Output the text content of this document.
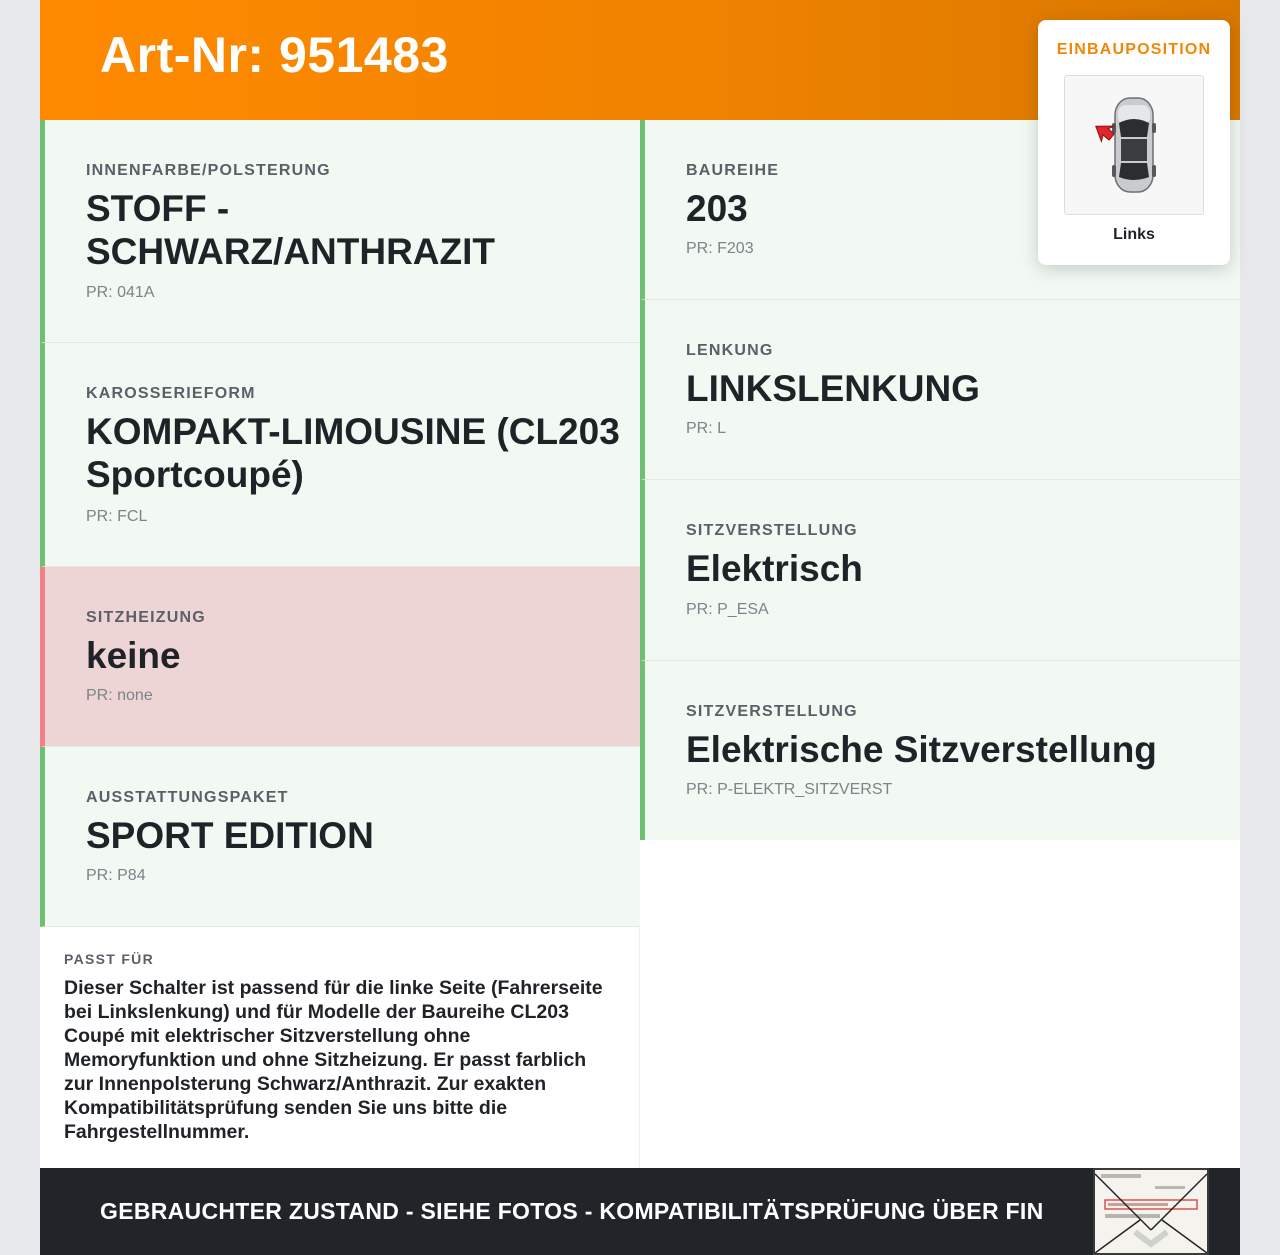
Art-Nr: 951483
INNENFARBE/POLSTERUNG
STOFF - SCHWARZ/ANTHRAZIT
PR: 041A
KAROSSERIEFORM
KOMPAKT-LIMOUSINE (CL203 Sportcoupé)
PR: FCL
SITZHEIZUNG
keine
PR: none
AUSSTATTUNGSPAKET
SPORT EDITION
PR: P84
BAUREIHE
203
PR: F203
LENKUNG
LINKSLENKUNG
PR: L
SITZVERSTELLUNG
Elektrisch
PR: P_ESA
SITZVERSTELLUNG
Elektrische Sitzverstellung
PR: P-ELEKTR_SITZVERST
PASST FÜR
Dieser Schalter ist passend für die linke Seite (Fahrerseite bei Linkslenkung) und für Modelle der Baureihe CL203 Coupé mit elektrischer Sitzverstellung ohne Memoryfunktion und ohne Sitzheizung. Er passt farblich zur Innenpolsterung Schwarz/Anthrazit. Zur exakten Kompatibilitätsprüfung senden Sie uns bitte die Fahrgestellnummer.
GEBRAUCHTER ZUSTAND - SIEHE FOTOS - KOMPATIBILITÄTSPRÜFUNG ÜBER FIN
EINBAUPOSITION
Links
